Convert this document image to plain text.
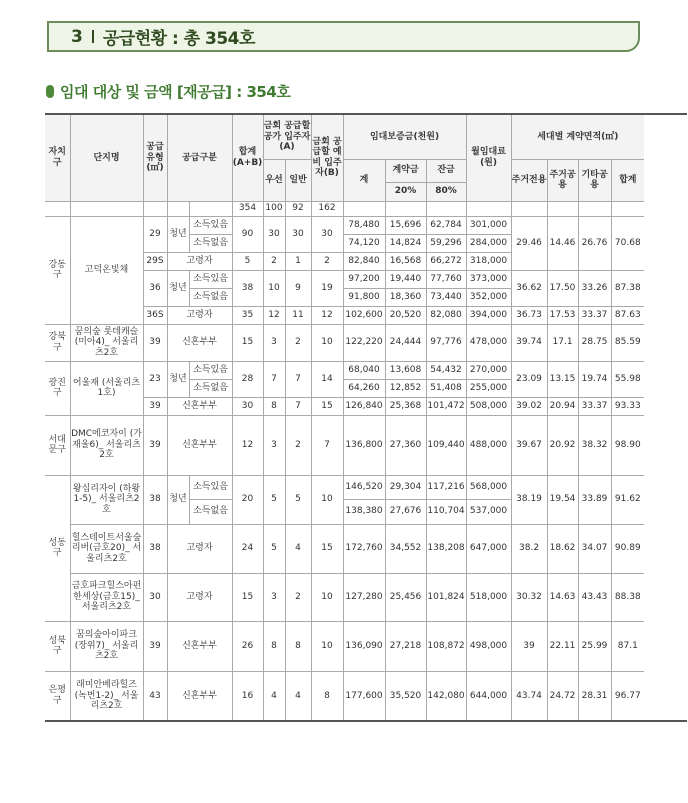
3 공급현황 : 총 354호
임대 대상 및 금액 [재공급] : 354호
자치구	단지명	공급유형(㎡)	공급구분		합계(A+B)	금회 공급할 공가 입주자(A)		금회 공급할 예비 입주자(B)	임대보증금(천원)			월임대료(원)	세대별 계약면적(㎡)			
						우선	일반		계	계약금	잔금		주거전용	주거공용	기타공용	합계
										20%	80%					
					354	100	92	162								
강동구	고덕온빛채	29	청년	소득있음	90	30	30	30	78,480	15,696	62,784	301,000	29.46	14.46	26.76	70.68
				소득없음					74,120	14,824	59,296	284,000				
		29S	고령자		5	2	1	2	82,840	16,568	66,272	318,000				
		36	청년	소득있음	38	10	9	19	97,200	19,440	77,760	373,000	36.62	17.50	33.26	87.38
				소득없음					91,800	18,360	73,440	352,000				
		36S	고령자		35	12	11	12	102,600	20,520	82,080	394,000	36.73	17.53	33.37	87.63
강북구	꿈의숲 롯데캐슬 (미아4)_ 서울리츠2호	39	신혼부부		15	3	2	10	122,220	24,444	97,776	478,000	39.74	17.1	28.75	85.59
광진구	어울재 (서울리츠1호)	23	청년	소득있음	28	7	7	14	68,040	13,608	54,432	270,000	23.09	13.15	19.74	55.98
				소득없음					64,260	12,852	51,408	255,000				
		39	신혼부부		30	8	7	15	126,840	25,368	101,472	508,000	39.02	20.94	33.37	93.33
서대문구	DMC에코자이 (가재울6)_ 서울리츠2호	39	신혼부부		12	3	2	7	136,800	27,360	109,440	488,000	39.67	20.92	38.32	98.90
성동구	왕십리자이 (하왕1-5)_ 서울리츠2호	38	청년	소득있음	20	5	5	10	146,520	29,304	117,216	568,000	38.19	19.54	33.89	91.62
				소득없음					138,380	27,676	110,704	537,000				
	힐스테이트서울숲 리버(금호20)_ 서울리츠2호	38	고령자		24	5	4	15	172,760	34,552	138,208	647,000	38.2	18.62	34.07	90.89
	금호파크힐스아펀 한세상(금호15)_ 서울리츠2호	30	고령자		15	3	2	10	127,280	25,456	101,824	518,000	30.32	14.63	43.43	88.38
성북구	꿈의숲아이파크 (장위7)_ 서울리츠2호	39	신혼부부		26	8	8	10	136,090	27,218	108,872	498,000	39	22.11	25.99	87.1
은평구	래미안베라힐즈 (녹번1-2)_ 서울리츠2호	43	신혼부부		16	4	4	8	177,600	35,520	142,080	644,000	43.74	24.72	28.31	96.77
